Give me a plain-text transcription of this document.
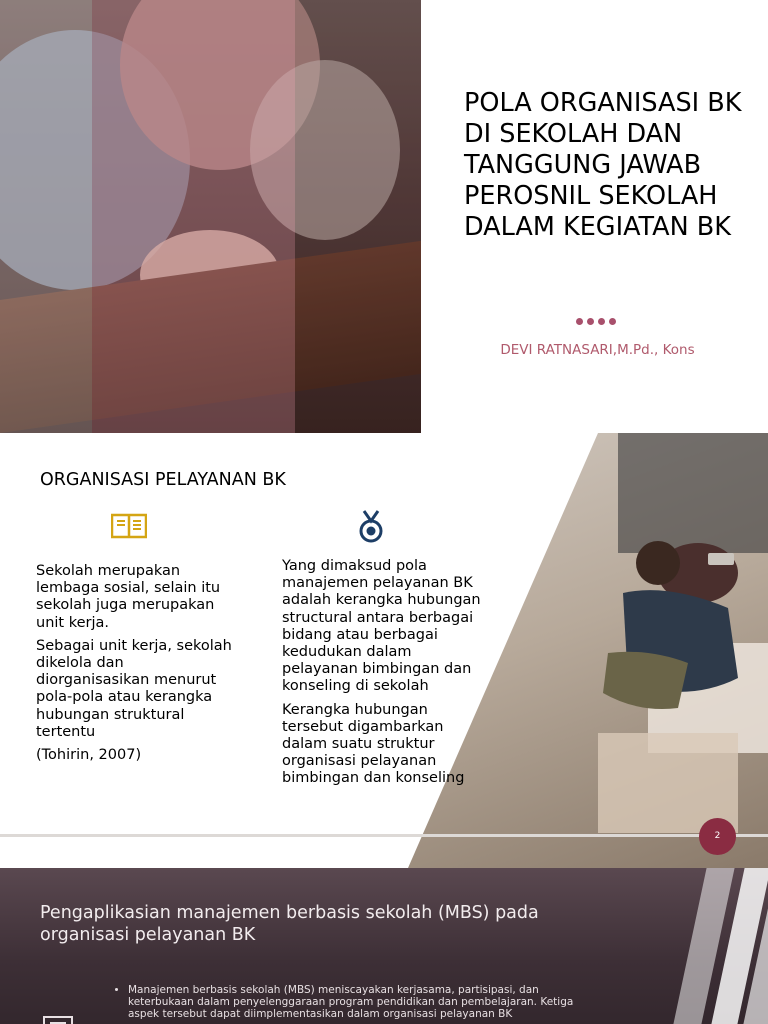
POLA ORGANISASI BK DI SEKOLAH DAN TANGGUNG JAWAB PEROSNIL SEKOLAH DALAM KEGIATAN BK
DEVI RATNASARI,M.Pd., Kons
ORGANISASI PELAYANAN BK

Sekolah merupakan lembaga sosial, selain itu sekolah juga merupakan unit kerja.

Sebagai unit kerja, sekolah dikelola dan diorganisasikan menurut pola-pola atau kerangka hubungan struktural tertentu

(Tohirin, 2007)

Yang dimaksud pola manajemen pelayanan BK adalah kerangka hubungan structural antara berbagai bidang atau berbagai kedudukan dalam pelayanan bimbingan dan konseling di sekolah

Kerangka hubungan tersebut digambarkan dalam suatu struktur organisasi pelayanan bimbingan dan konseling

2
Pengaplikasian manajemen berbasis sekolah (MBS) pada organisasi pelayanan BK
• Manajemen berbasis sekolah (MBS) meniscayakan kerjasama, partisipasi, dan keterbukaan dalam penyelenggaraan program pendidikan dan pembelajaran. Ketiga aspek tersebut dapat diimplementasikan dalam organisasi pelayanan BK
